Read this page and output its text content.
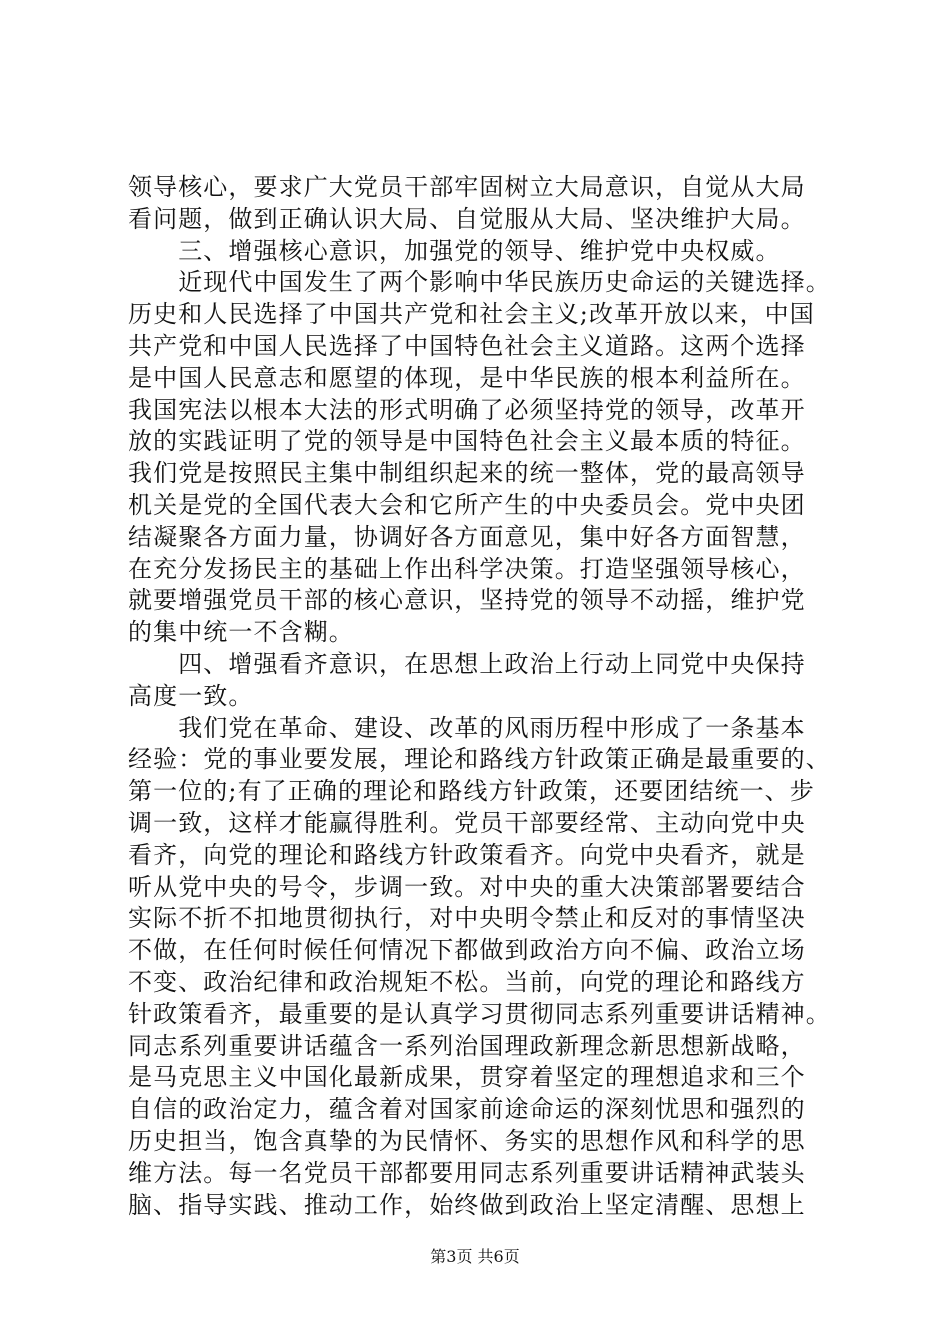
领导核心，要求广大党员干部牢固树立大局意识，自觉从大局
看问题，做到正确认识大局、自觉服从大局、坚决维护大局。
　　三、增强核心意识，加强党的领导、维护党中央权威。
　　近现代中国发生了两个影响中华民族历史命运的关键选择。
历史和人民选择了中国共产党和社会主义;改革开放以来，中国
共产党和中国人民选择了中国特色社会主义道路。这两个选择
是中国人民意志和愿望的体现，是中华民族的根本利益所在。
我国宪法以根本大法的形式明确了必须坚持党的领导，改革开
放的实践证明了党的领导是中国特色社会主义最本质的特征。
我们党是按照民主集中制组织起来的统一整体，党的最高领导
机关是党的全国代表大会和它所产生的中央委员会。党中央团
结凝聚各方面力量，协调好各方面意见，集中好各方面智慧，
在充分发扬民主的基础上作出科学决策。打造坚强领导核心，
就要增强党员干部的核心意识，坚持党的领导不动摇，维护党
的集中统一不含糊。
　　四、增强看齐意识，在思想上政治上行动上同党中央保持
高度一致。
　　我们党在革命、建设、改革的风雨历程中形成了一条基本
经验：党的事业要发展，理论和路线方针政策正确是最重要的、
第一位的;有了正确的理论和路线方针政策，还要团结统一、步
调一致，这样才能赢得胜利。党员干部要经常、主动向党中央
看齐，向党的理论和路线方针政策看齐。向党中央看齐，就是
听从党中央的号令，步调一致。对中央的重大决策部署要结合
实际不折不扣地贯彻执行，对中央明令禁止和反对的事情坚决
不做，在任何时候任何情况下都做到政治方向不偏、政治立场
不变、政治纪律和政治规矩不松。当前，向党的理论和路线方
针政策看齐，最重要的是认真学习贯彻同志系列重要讲话精神。
同志系列重要讲话蕴含一系列治国理政新理念新思想新战略，
是马克思主义中国化最新成果，贯穿着坚定的理想追求和三个
自信的政治定力，蕴含着对国家前途命运的深刻忧思和强烈的
历史担当，饱含真挚的为民情怀、务实的思想作风和科学的思
维方法。每一名党员干部都要用同志系列重要讲话精神武装头
脑、指导实践、推动工作，始终做到政治上坚定清醒、思想上
第3页 共6页
